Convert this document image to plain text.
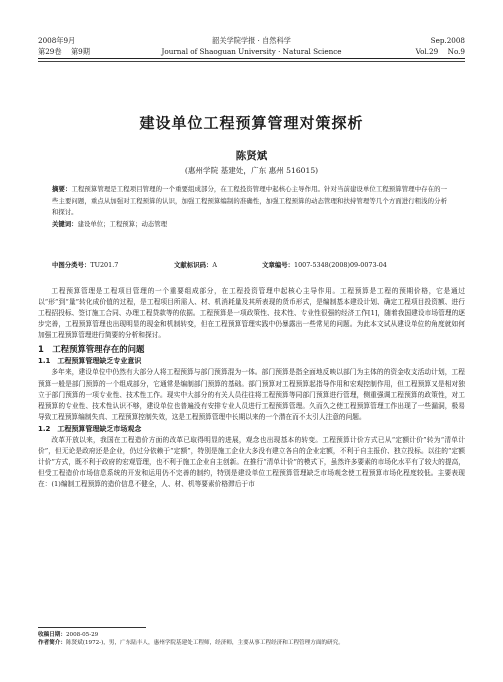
2008年9月	韶关学院学报 · 自然科学	Sep.2008
第29卷　 第9期	Journal of Shaoguan University · Natural Science	Vol.29　 No.9
建设单位工程预算管理对策探析
陈贤斌
(惠州学院 基建处，广东 惠州 516015)
摘要：工程预算管理是工程项目管理的一个重要组成部分，在工程投资管理中起核心主导作用。针对当前建设单位工程预算管理中存在的一些主要问题，重点从加强对工程预算的认识，加强工程预算编制的准确性，加强工程预算的动态管理和扶持管理等几个方面进行粗浅的分析和探讨。
关键词：建设单位；工程预算；动态管理
中图分类号：TU201.7	文献标识码：A	文章编号：1007-5348(2008)09-0073-04

工程预算管理是工程项目管理的一个重要组成部分，在工程投资管理中起核心主导作用。工程预算是工程的预期价格，它是通过以“形”到“量”转化成价值的过程，是工程项目所需人、材、机消耗量及其所表现的货币形式，是编制基本建设计划、确定工程项目投资额、进行工程招投标、签订施工合同、办理工程贷款等的依据。工程预算是一项政策性、技术性、专业性很强的经济工作[1]，随着我国建设市场管理的逐步完善，工程预算管理也出现明显的现金和机制转变，但在工程预算管理实践中仍暴露出一些常见的问题。为此本文试从建设单位的角度就如何加强工程预算管理进行简要的分析和探讨。

1　工程预算管理存在的问题
1.1　工程预算管理缺乏专业意识

多年来，建设单位中仍然有大部分人将工程预算与部门预算混为一体。部门预算是指全面地反映以部门为主体的的资金收支活动计划，工程预算一般是部门预算的一个组成部分，它通常是编制部门预算的基础。部门预算对工程预算起指导作用和宏观控制作用，但工程预算又是相对独立于部门预算的一项专业性、技术性工作。现实中大部分的有关人员往往将工程预算等同部门预算进行管理，侧重强调工程预算的政策性，对工程预算的专业性、技术性认识不够，建设单位也普遍没有安排专业人员进行工程预算管理。久而久之使工程预算管理工作出现了一些漏洞，极易导致工程预算编制失真、工程预算控制失效，这是工程预算管理中长期以来的一个潜在而不太引人注意的问题。

1.2　工程预算管理缺乏市场观念

改革开放以来，我国在工程造价方面的改革已取得明显的进展，观念也出现基本的转变。工程预算计价方式已从“定额计价”转为“清单计价”，但无论是政府还是企业，仍过分依赖于“定额”，特别是施工企业大多没有建立各自的企业定额，不利于自主报价、独立投标。以往的“定额计价”方式，既不利于政府的宏观管理，也不利于施工企业自主创新。在推行“清单计价”的模式下，虽然许多要素的市场化水平有了较大的提高，但受工程造价市场信息系统的开发和运用仍不完善的制约，特别是建设单位工程预算管理缺乏市场观念使工程预算市场化程度较低。主要表现在：(1)编制工程预算的造价信息不健全，人、材、机等要素价格滞后于市

收稿日期：2008-05-29
作者简介：陈贤斌(1972-)，男，广东陆丰人，惠州学院基建处工程师，经济师，主要从事工程经济和工程管理方面的研究。
